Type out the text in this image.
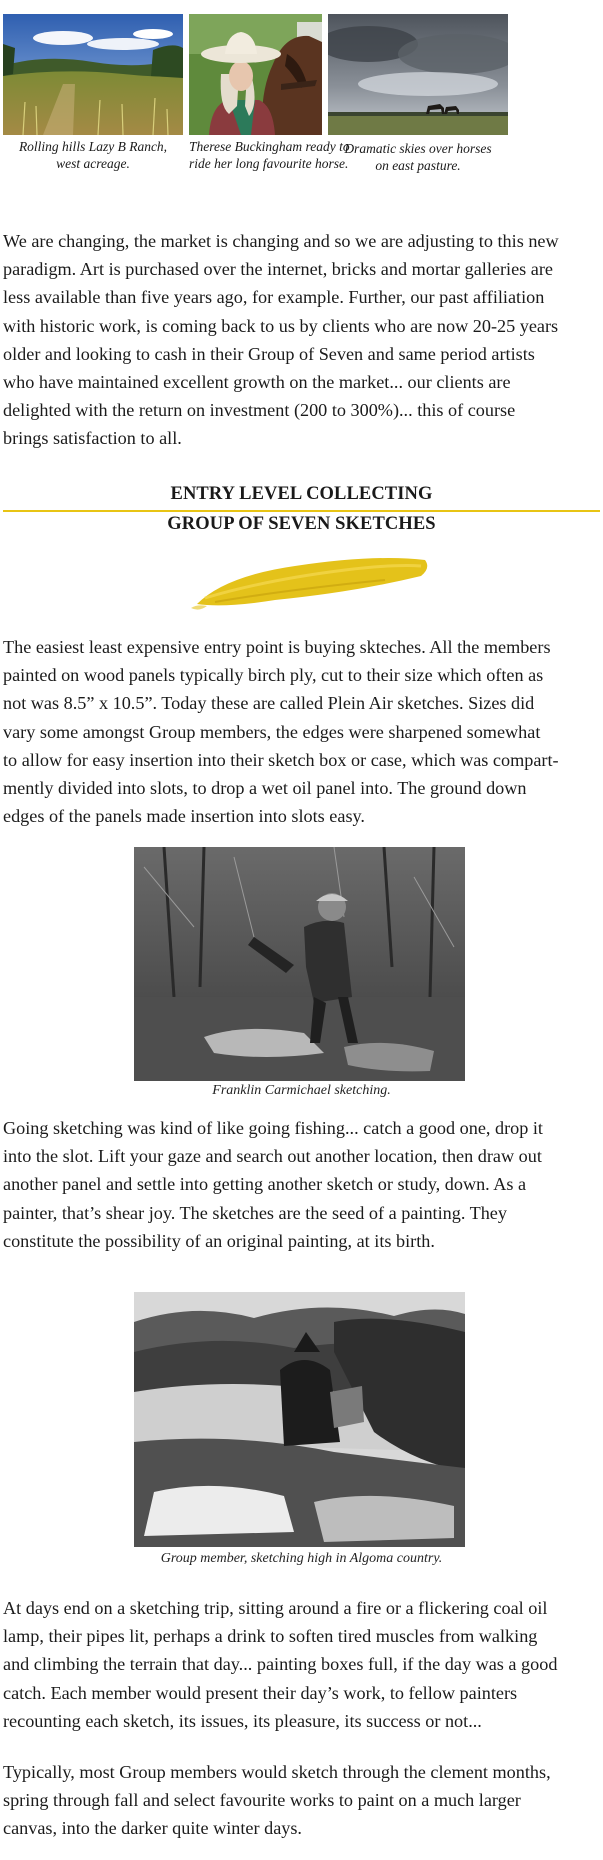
Rolling hills Lazy B Ranch,
west acreage.
Therese Buckingham ready to
ride her long favourite horse.
Dramatic skies over horses
on east pasture.
We are changing, the market is changing and so we are adjusting to this new
paradigm. Art is purchased over the internet, bricks and mortar galleries are
less available than five years ago, for example. Further, our past affiliation
with historic work, is coming back to us by clients who are now 20-25 years
older and looking to cash in their Group of Seven and same period artists
who have maintained excellent growth on the market... our clients are
delighted with the return on investment (200 to 300%)... this of course
brings satisfaction to all.
ENTRY LEVEL COLLECTING
GROUP OF SEVEN SKETCHES
The easiest least expensive entry point is buying skteches. All the members
painted on wood panels typically birch ply, cut to their size which often as
not was 8.5” x 10.5”. Today these are called Plein Air sketches. Sizes did
vary some amongst Group members, the edges were sharpened somewhat
to allow for easy insertion into their sketch box or case, which was compart-
mently divided into slots, to drop a wet oil panel into. The ground down
edges of the panels made insertion into slots easy.
Franklin Carmichael sketching.
Going sketching was kind of like going fishing... catch a good one, drop it
into the slot. Lift your gaze and search out another location, then draw out
another panel and settle into getting another sketch or study, down. As a
painter, that’s shear joy. The sketches are the seed of a painting. They
constitute the possibility of an original painting, at its birth.
Group member, sketching high in Algoma country.
At days end on a sketching trip, sitting around a fire or a flickering coal oil
lamp, their pipes lit, perhaps a drink to soften tired muscles from walking
and climbing the terrain that day... painting boxes full, if the day was a good
catch. Each member would present their day’s work, to fellow painters
recounting each sketch, its issues, its pleasure, its success or not...
Typically, most Group members would sketch through the clement months,
spring through fall and select favourite works to paint on a much larger
canvas, into the darker quite winter days.
